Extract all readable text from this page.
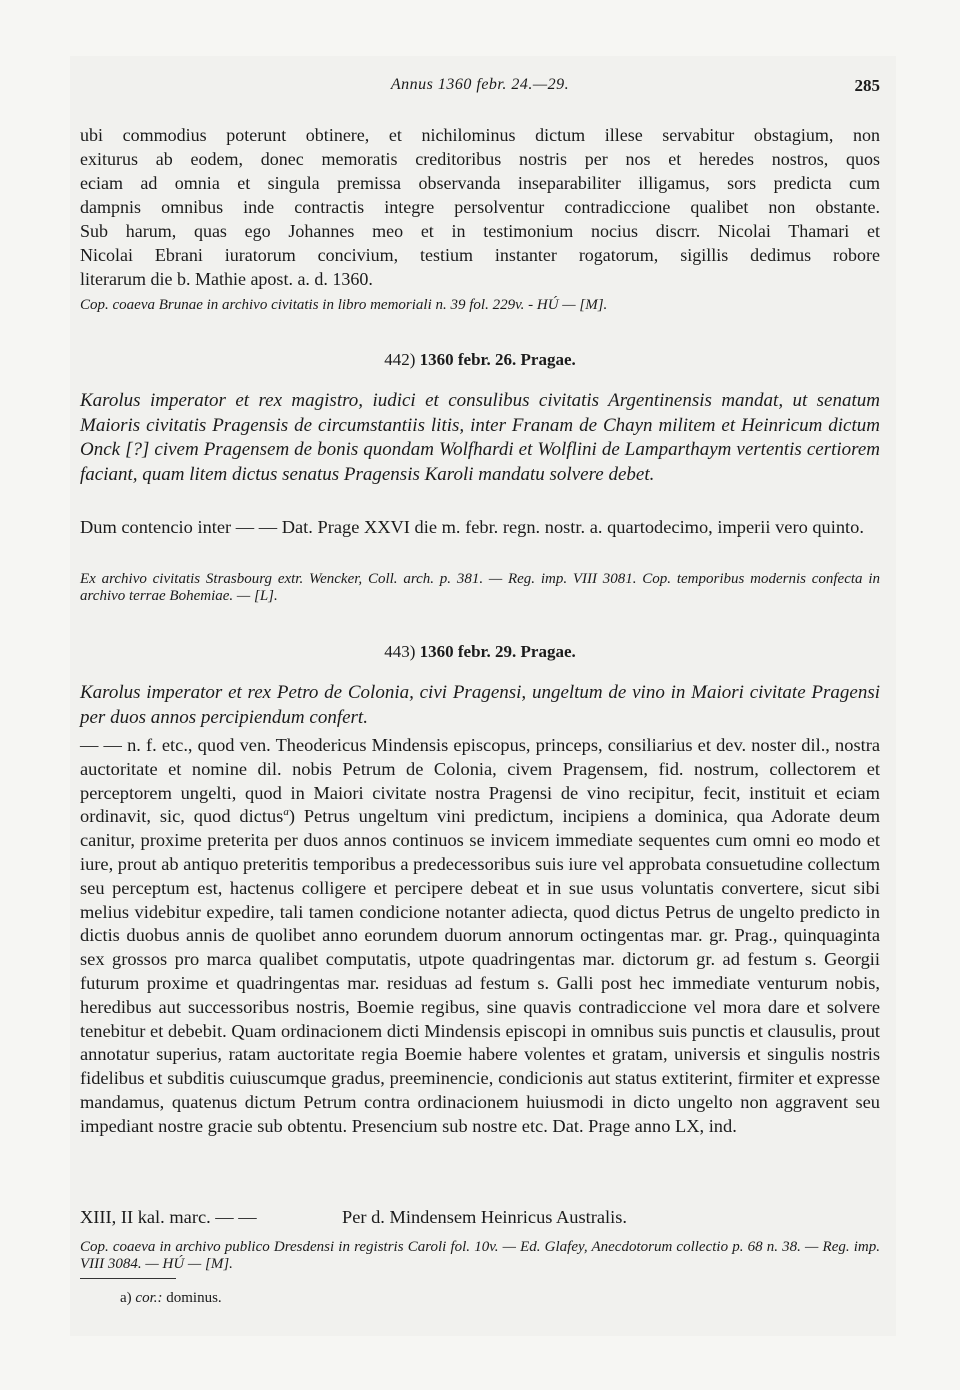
Annus 1360 febr. 24.—29.	285
ubi commodius poterunt obtinere, et nichilominus dictum illese servabitur obstagium, non
exiturus ab eodem, donec memoratis creditoribus nostris per nos et heredes nostros, quos
eciam ad omnia et singula premissa observanda inseparabiliter illigamus, sors predicta cum
dampnis omnibus inde contractis integre persolventur contradiccione qualibet non obstante.
Sub harum, quas ego Johannes meo et in testimonium nocius discrr. Nicolai Thamari et
Nicolai Ebrani iuratorum concivium, testium instanter rogatorum, sigillis dedimus robore
literarum die b. Mathie apost. a. d. 1360.

Cop. coaeva Brunae in archivo civitatis in libro memoriali n. 39 fol. 229v. - HÚ — [M].

442) 1360 febr. 26. Pragae.

Karolus imperator et rex magistro, iudici et consulibus civitatis Argentinensis mandat, ut senatum Maioris civitatis Pragensis de circumstantiis litis, inter Franam de Chayn militem et Heinricum dictum Onck [?] civem Pragensem de bonis quondam Wolfhardi et Wolflini de Lamparthaym vertentis certiorem faciant, quam litem dictus senatus Pragensis Karoli mandatu solvere debet.

Dum contencio inter — — Dat. Prage XXVI die m. febr. regn. nostr. a. quartodecimo, imperii vero quinto.

Ex archivo civitatis Strasbourg extr. Wencker, Coll. arch. p. 381. — Reg. imp. VIII 3081. Cop. temporibus modernis confecta in archivo terrae Bohemiae. — [L].

443) 1360 febr. 29. Pragae.

Karolus imperator et rex Petro de Colonia, civi Pragensi, ungeltum de vino in Maiori civitate Pragensi per duos annos percipiendum confert.

— — n. f. etc., quod ven. Theodericus Mindensis episcopus, princeps, consiliarius et dev. noster dil., nostra auctoritate et nomine dil. nobis Petrum de Colonia, civem Pragensem, fid. nostrum, collectorem et perceptorem ungelti, quod in Maiori civitate nostra Pragensi de vino recipitur, fecit, instituit et eciam ordinavit, sic, quod dictus$^a$) Petrus ungeltum vini predictum, incipiens a dominica, qua Adorate deum canitur, proxime preterita per duos annos continuos se invicem immediate sequentes cum omni eo modo et iure, prout ab antiquo preteritis temporibus a predecessoribus suis iure vel approbata consuetudine collectum seu perceptum est, hactenus colligere et percipere debeat et in sue usus voluntatis convertere, sicut sibi melius videbitur expedire, tali tamen condicione notanter adiecta, quod dictus Petrus de ungelto predicto in dictis duobus annis de quolibet anno eorundem duorum annorum octingentas mar. gr. Prag., quinquaginta sex grossos pro marca qualibet computatis, utpote quadringentas mar. dictorum gr. ad festum s. Georgii futurum proxime et quadringentas mar. residuas ad festum s. Galli post hec immediate venturum nobis, heredibus aut successoribus nostris, Boemie regibus, sine quavis contradiccione vel mora dare et solvere tenebitur et debebit. Quam ordinacionem dicti Mindensis episcopi in omnibus suis punctis et clausulis, prout annotatur superius, ratam auctoritate regia Boemie habere volentes et gratam, universis et singulis nostris fidelibus et subditis cuiuscumque gradus, preeminencie, condicionis aut status extiterint, firmiter et expresse mandamus, quatenus dictum Petrum contra ordinacionem huiusmodi in dicto ungelto non aggravent seu impediant nostre gracie sub obtentu. Presencium sub nostre etc. Dat. Prage anno LX, ind.

XIII, II kal. marc. — —	Per d. Mindensem Heinricus Australis.

Cop. coaeva in archivo publico Dresdensi in registris Caroli fol. 10v. — Ed. Glafey, Anecdotorum collectio p. 68 n. 38. — Reg. imp. VIII 3084. — HÚ — [M].

a) cor.: dominus.
